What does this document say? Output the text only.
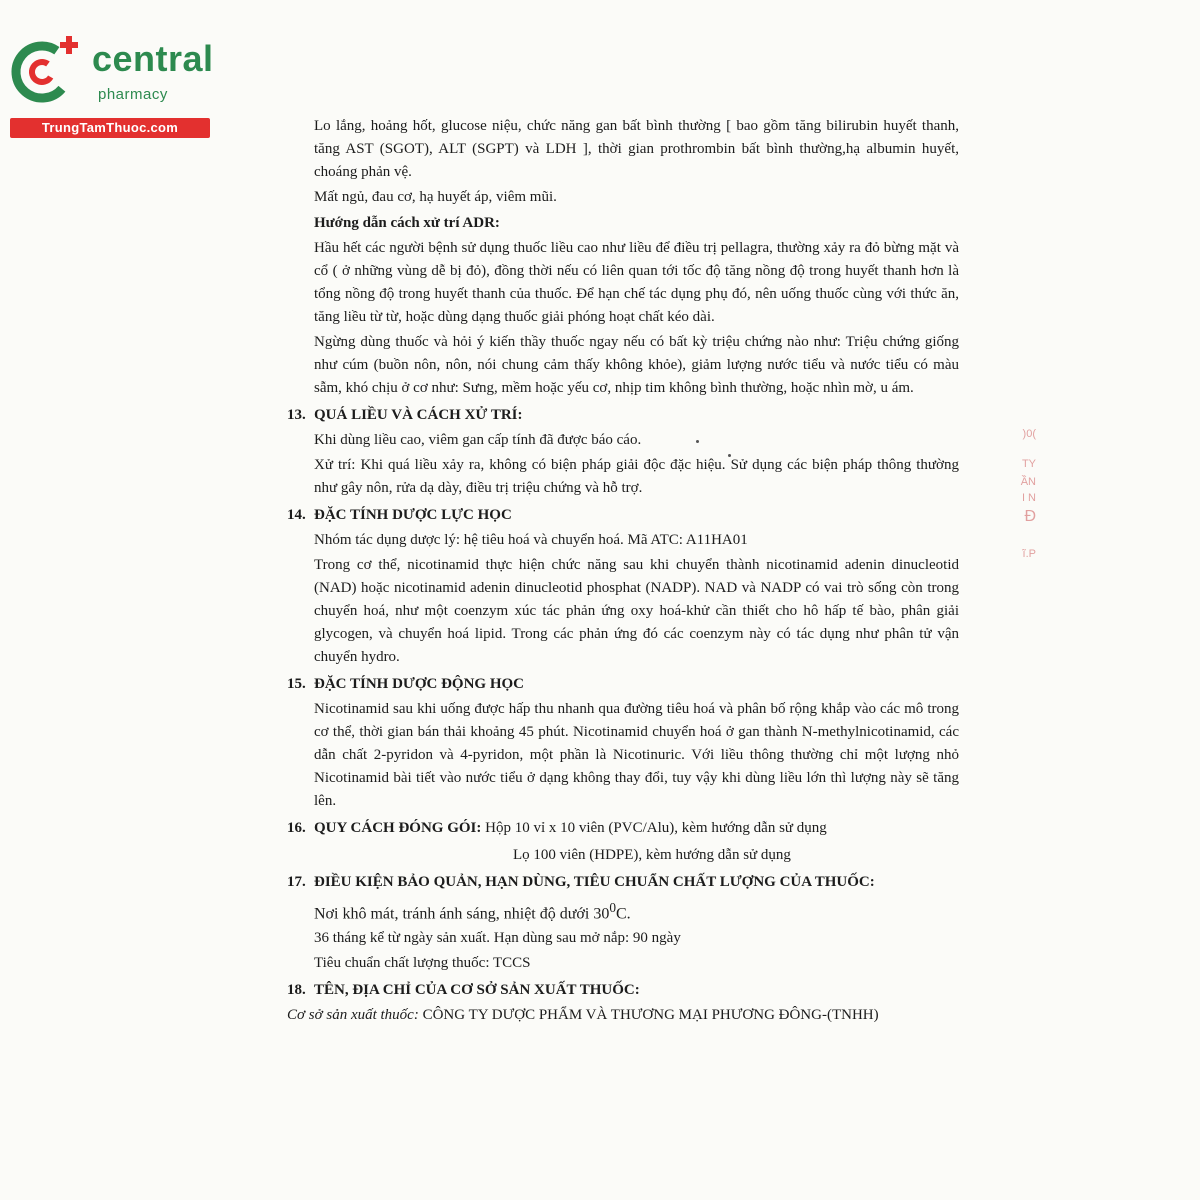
central
pharmacy
TrungTamThuoc.com
)0(
TY
ẦN
I N
Đ
ĩ.P

Lo lắng, hoảng hốt, glucose niệu, chức năng gan bất bình thường [ bao gồm tăng bilirubin huyết thanh, tăng AST (SGOT), ALT (SGPT) và LDH ], thời gian prothrombin bất bình thường,hạ albumin huyết, choáng phản vệ.

Mất ngủ, đau cơ, hạ huyết áp, viêm mũi.

Hướng dẫn cách xử trí ADR:

Hầu hết các người bệnh sử dụng thuốc liều cao như liều để điều trị pellagra, thường xảy ra đỏ bừng mặt và cổ ( ở những vùng dễ bị đỏ), đồng thời nếu có liên quan tới tốc độ tăng nồng độ trong huyết thanh hơn là tổng nồng độ trong huyết thanh của thuốc. Để hạn chế tác dụng phụ đó, nên uống thuốc cùng với thức ăn, tăng liều từ từ, hoặc dùng dạng thuốc giải phóng hoạt chất kéo dài.

Ngừng dùng thuốc và hỏi ý kiến thầy thuốc ngay nếu có bất kỳ triệu chứng nào như: Triệu chứng giống như cúm (buồn nôn, nôn, nói chung cảm thấy không khỏe), giảm lượng nước tiểu và nước tiểu có màu sẫm, khó chịu ở cơ như: Sưng, mềm hoặc yếu cơ, nhịp tim không bình thường, hoặc nhìn mờ, u ám.

13. QUÁ LIỀU VÀ CÁCH XỬ TRÍ:

Khi dùng liều cao, viêm gan cấp tính đã được báo cáo.

Xử trí: Khi quá liều xảy ra, không có biện pháp giải độc đặc hiệu. Sử dụng các biện pháp thông thường như gây nôn, rửa dạ dày, điều trị triệu chứng và hỗ trợ.

14. ĐẶC TÍNH DƯỢC LỰC HỌC

Nhóm tác dụng dược lý: hệ tiêu hoá và chuyển hoá. Mã ATC: A11HA01

Trong cơ thể, nicotinamid thực hiện chức năng sau khi chuyển thành nicotinamid adenin dinucleotid (NAD) hoặc nicotinamid adenin dinucleotid phosphat (NADP). NAD và NADP có vai trò sống còn trong chuyển hoá, như một coenzym xúc tác phản ứng oxy hoá-khử cần thiết cho hô hấp tế bào, phân giải glycogen, và chuyển hoá lipid. Trong các phản ứng đó các coenzym này có tác dụng như phân tử vận chuyển hydro.

15. ĐẶC TÍNH DƯỢC ĐỘNG HỌC

Nicotinamid sau khi uống được hấp thu nhanh qua đường tiêu hoá và phân bố rộng khắp vào các mô trong cơ thể, thời gian bán thải khoảng 45 phút. Nicotinamid chuyển hoá ở gan thành N-methylnicotinamid, các dẫn chất 2-pyridon và 4-pyridon, một phần là Nicotinuric. Với liều thông thường chỉ một lượng nhỏ Nicotinamid bài tiết vào nước tiểu ở dạng không thay đổi, tuy vậy khi dùng liều lớn thì lượng này sẽ tăng lên.

16. QUY CÁCH ĐÓNG GÓI: Hộp 10 vỉ x 10 viên (PVC/Alu), kèm hướng dẫn sử dụng
Lọ 100 viên (HDPE), kèm hướng dẫn sử dụng
17. ĐIỀU KIỆN BẢO QUẢN, HẠN DÙNG, TIÊU CHUẨN CHẤT LƯỢNG CỦA THUỐC:

Nơi khô mát, tránh ánh sáng, nhiệt độ dưới $30^0C$.

36 tháng kể từ ngày sản xuất. Hạn dùng sau mở nắp: 90 ngày

Tiêu chuẩn chất lượng thuốc: TCCS

18. TÊN, ĐỊA CHỈ CỦA CƠ SỞ SẢN XUẤT THUỐC:

Cơ sở sản xuất thuốc: CÔNG TY DƯỢC PHẨM VÀ THƯƠNG MẠI PHƯƠNG ĐÔNG-(TNHH)
